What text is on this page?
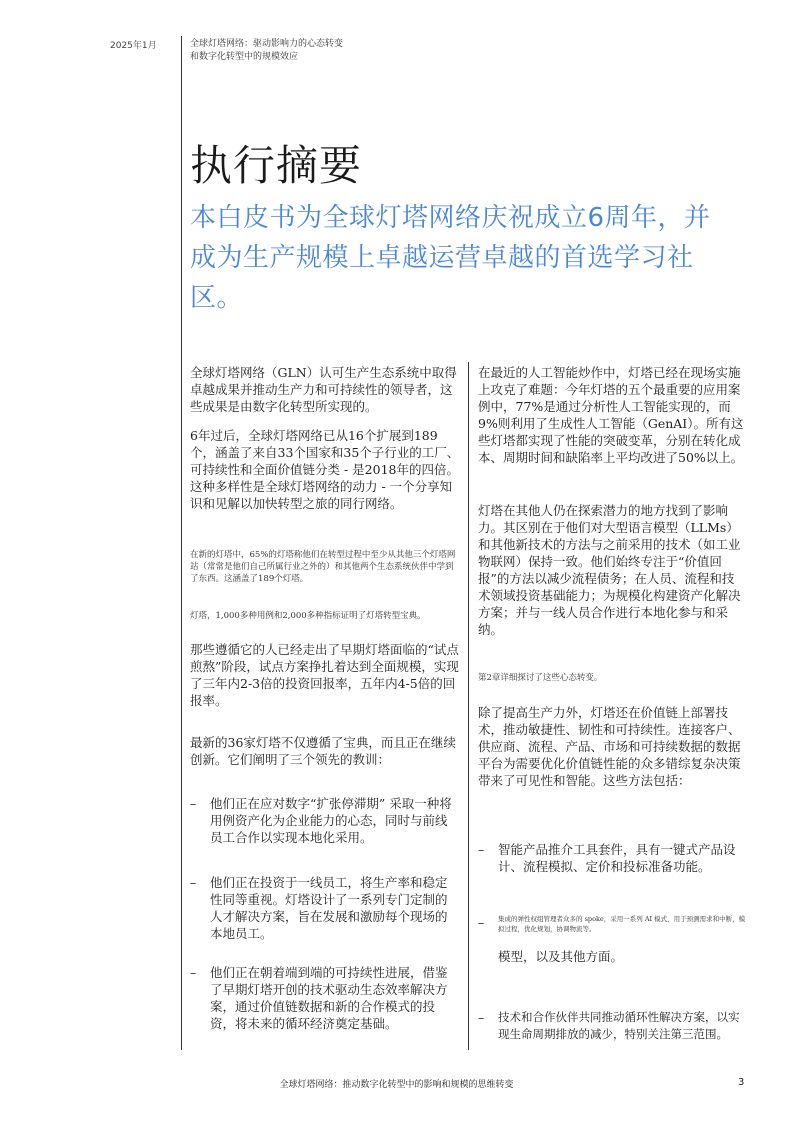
2025年1月	全球灯塔网络：驱动影响力的心态转变
和数字化转型中的规模效应
执行摘要
本白皮书为全球灯塔网络庆祝成立6周年，并成为生产规模上卓越运营卓越的首选学习社区。

全球灯塔网络（GLN）认可生产生态系统中取得卓越成果并推动生产力和可持续性的领导者，这些成果是由数字化转型所实现的。

6年过后，全球灯塔网络已从16个扩展到189个，涵盖了来自33个国家和35个子行业的工厂、可持续性和全面价值链分类 - 是2018年的四倍。这种多样性是全球灯塔网络的动力 - 一个分享知识和见解以加快转型之旅的同行网络。

在新的灯塔中，65%的灯塔称他们在转型过程中至少从其他三个灯塔网站（常常是他们自己所属行业之外的）和其他两个生态系统伙伴中学到了东西。这涵盖了189个灯塔。
灯塔，1,000多种用例和2,000多种指标证明了灯塔转型宝典。

那些遵循它的人已经走出了早期灯塔面临的“试点煎熬”阶段，试点方案挣扎着达到全面规模，实现了三年内2-3倍的投资回报率，五年内4-5倍的回报率。

最新的36家灯塔不仅遵循了宝典，而且正在继续创新。它们阐明了三个领先的教训：

–	他们正在应对数字“扩张停滞期” 采取一种将用例资产化为企业能力的心态，同时与前线员工合作以实现本地化采用。
–	他们正在投资于一线员工，将生产率和稳定性同等重视。灯塔设计了一系列专门定制的人才解决方案，旨在发展和激励每个现场的本地员工。
–	他们正在朝着端到端的可持续性进展，借鉴了早期灯塔开创的技术驱动生态效率解决方案，通过价值链数据和新的合作模式的投资，将未来的循环经济奠定基础。

在最近的人工智能炒作中，灯塔已经在现场实施上攻克了难题：今年灯塔的五个最重要的应用案例中，77%是通过分析性人工智能实现的，而9%则利用了生成性人工智能（GenAI）。所有这些灯塔都实现了性能的突破变革，分别在转化成本、周期时间和缺陷率上平均改进了50%以上。

灯塔在其他人仍在探索潜力的地方找到了影响力。其区别在于他们对大型语言模型（LLMs）和其他新技术的方法与之前采用的技术（如工业物联网）保持一致。他们始终专注于“价值回报”的方法以减少流程债务；在人员、流程和技术领域投资基础能力；为规模化构建资产化解决方案；并与一线人员合作进行本地化参与和采纳。

第2章详细探讨了这些心态转变。

除了提高生产力外，灯塔还在价值链上部署技术，推动敏捷性、韧性和可持续性。连接客户、供应商、流程、产品、市场和可持续数据的数据平台为需要优化价值链性能的众多错综复杂决策带来了可见性和智能。这些方法包括：

–	智能产品推介工具套件，具有一键式产品设计、流程模拟、定价和投标准备功能。
–	集成的弹性权组管理者众多的 spoke，采用一系列 AI 模式，用于预测需求和中断，模拟过程，优化规划，协调物流等。

模型，以及其他方面。

–	技术和合作伙伴共同推动循环性解决方案，以实现生命周期排放的减少，特别关注第三范围。
全球灯塔网络：推动数字化转型中的影响和规模的思维转变	3
